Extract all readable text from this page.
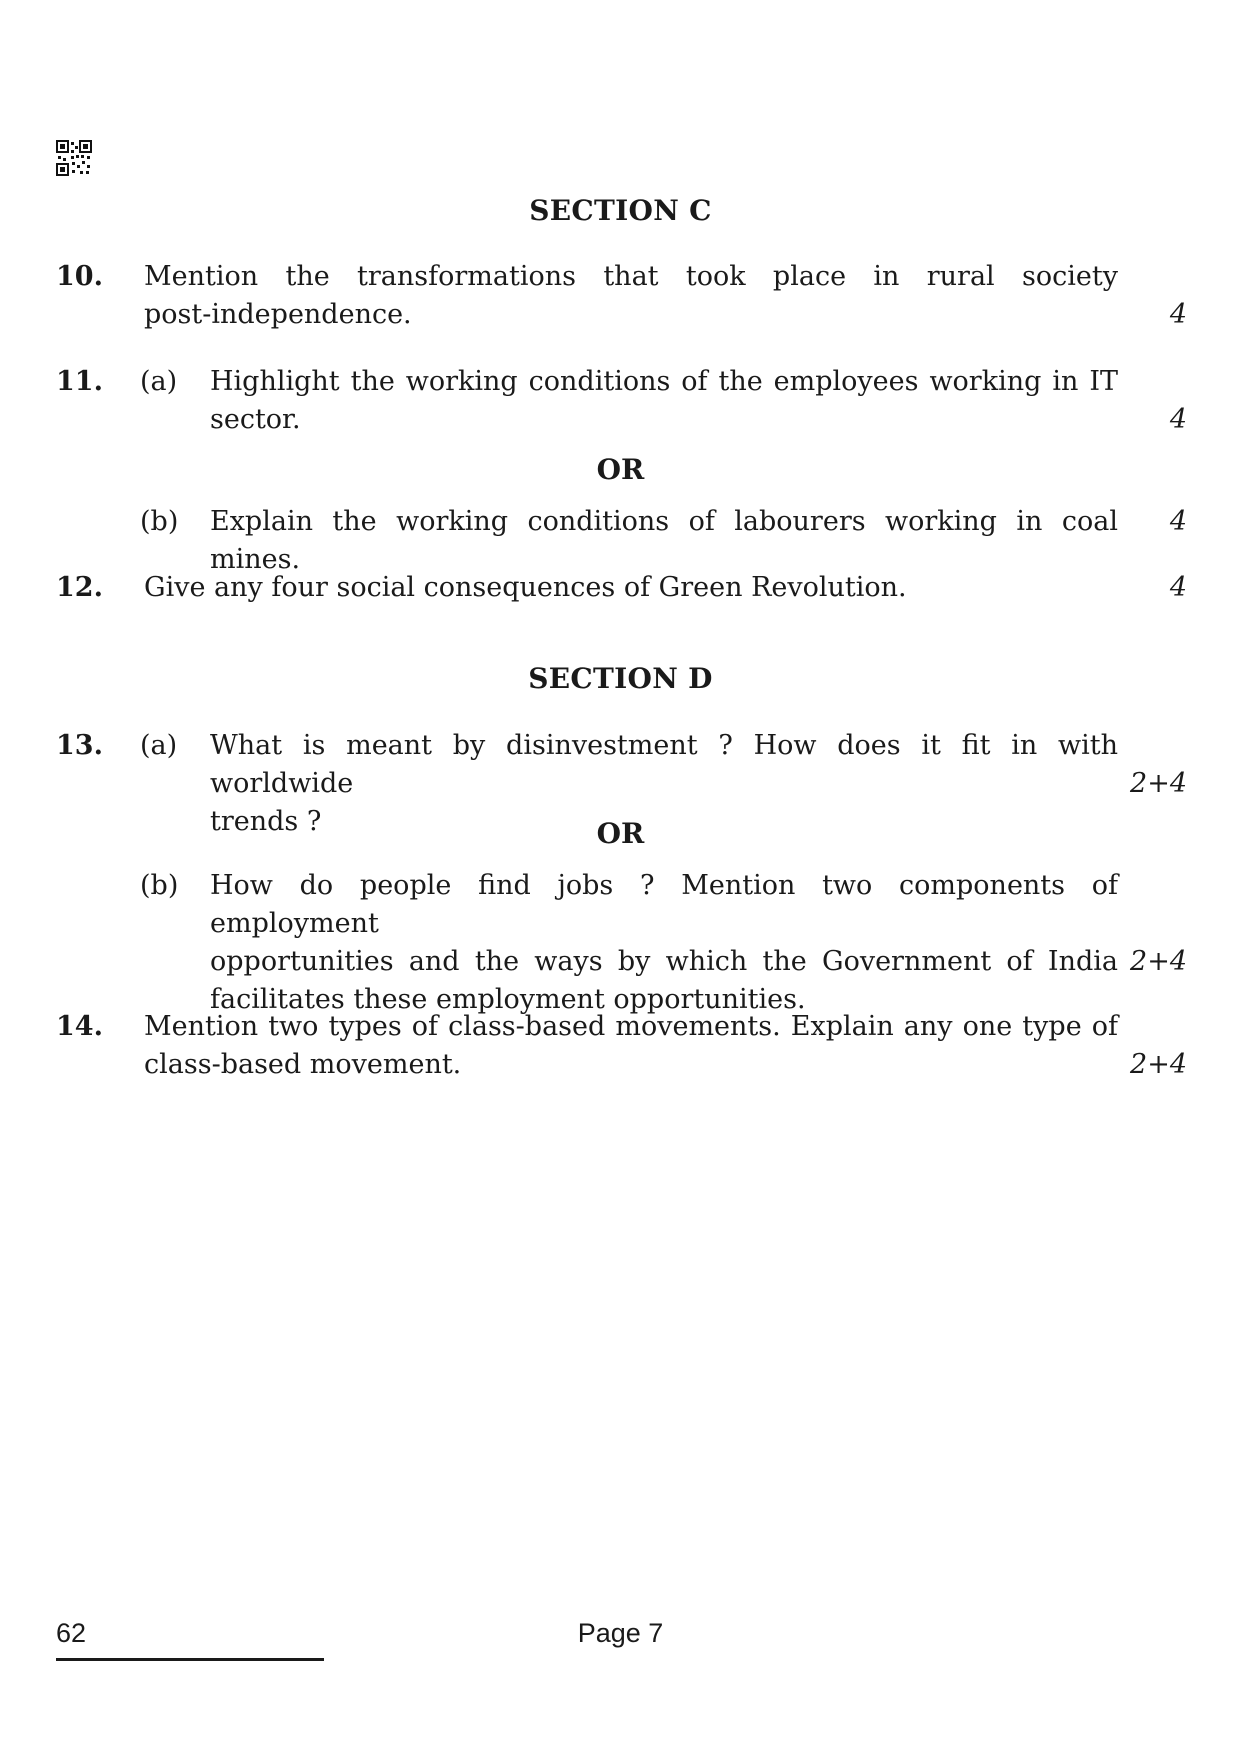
SECTION C
10. Mention the transformations that took place in rural society
post-independence.	4
11. (a) Highlight the working conditions of the employees working in IT
sector.	4
OR
(b) Explain the working conditions of labourers working in coal mines.
4
12. Give any four social consequences of Green Revolution.	4
SECTION D
13. (a) What is meant by disinvestment ? How does it fit in with worldwide
trends ?
2+4
OR
(b) How do people find jobs ? Mention two components of employment
opportunities and the ways by which the Government of India
facilitates these employment opportunities.
2+4
14. Mention two types of class-based movements. Explain any one type of
class-based movement.	2+4
62	Page 7
